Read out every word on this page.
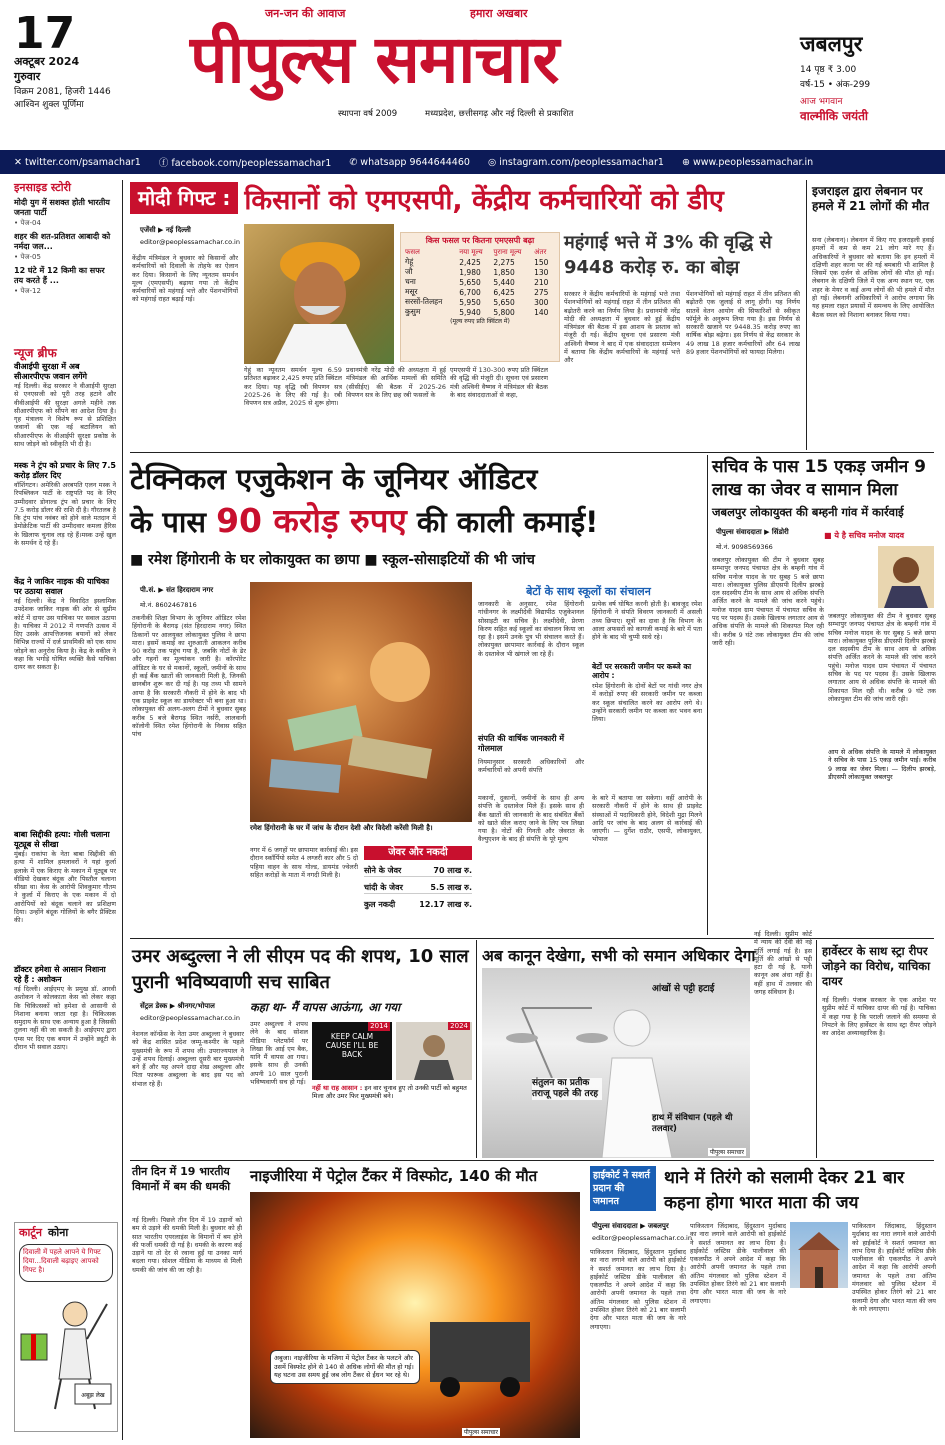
17
अक्टूबर 2024
गुरुवार
विक्रम 2081, हिजरी 1446
आश्विन शुक्ल पूर्णिमा
जन-जन की आवाज	हमारा अखबार
पीपुल्स समाचार
स्थापना वर्ष 2009	मध्यप्रदेश, छत्तीसगढ़ और नई दिल्ली से प्रकाशित
जबलपुर
14 पृष्ठ ₹ 3.00
वर्ष-15 • अंक-299
आज भगवान
वाल्मीकि जयंती
✕ twitter.com/psamachar1 ⓕ facebook.com/peoplessamachar1 ✆ whatsapp 9644644460 ◎ instagram.com/peoplessamachar1 ⊕ www.peoplessamachar.in
इनसाइड स्टोरी
मोदी युग में सशक्त होती भारतीय जनता पार्टी
• पेज-04
शहर की शत-प्रतिशत आबादी को नर्मदा जल...
• पेज-05
12 घंटे में 12 किमी का सफर तय करते हैं ...
• पेज-12
न्यूज ब्रीफ
वीआईपी सुरक्षा में अब सीआरपीएफ जवान लगेंगे
नई दिल्ली। केंद्र सरकार ने वीआईपी सुरक्षा से एनएसजी को पूरी तरह हटाने और वीवीआईपी की सुरक्षा अगले महीने तक सीआरपीएफ को सौंपने का आदेश दिया है। गृह मंत्रालय ने विशेष रूप से प्रशिक्षित जवानों की एक नई बटालियन को सीआरपीएफ के वीआईपी सुरक्षा प्रकोष्ठ के साथ जोड़ने को स्वीकृति भी दी है।
मस्क ने ट्रंप को प्रचार के लिए 7.5 करोड़ डॉलर दिए
वॉशिंगटन। अमेरिकी अरबपति एलन मस्क ने रिपब्लिकन पार्टी के राष्ट्रपति पद के लिए उम्मीदवार डोनाल्ड ट्रंप को प्रचार के लिए 7.5 करोड़ डॉलर की राशि दी है। गौरतलब है कि ट्रंप पांच नवंबर को होने वाले मतदान में डेमोक्रेटिक पार्टी की उम्मीदवार कमला हैरिस के खिलाफ चुनाव लड़ रहे हैं।मस्क उन्हें खुल के समर्थन दे रहे हैं।
केंद्र ने जाकिर नाइक की याचिका पर उठाया सवाल
नई दिल्ली। केंद्र ने विवादित इस्लामिक उपदेशक जाकिर नाइक की ओर से सुप्रीम कोर्ट में दायर उस याचिका पर सवाल उठाया है। याचिका में 2012 में गणपति उत्सव में दिए उसके आपत्तिजनक बयानों को लेकर विभिन्न राज्यों में दर्ज प्राथमिकी को एक साथ जोड़ने का अनुरोध किया है। केंद्र के वकील ने कहा कि भगोड़े घोषित व्यक्ति कैसे याचिका दायर कर सकता है।
बाबा सिद्दीकी हत्या: गोली चलाना यूट्यूब से सीखा
मुंबई। राकांपा के नेता बाबा सिद्दीकी की हत्या में शामिल हमलावरों ने यहां कुर्ला इलाके में एक किराए के मकान में यूट्यूब पर वीडियो देखकर बंदूक और पिस्तौल चलाना सीखा था। केस के आरोपी शिवकुमार गौतम ने कुर्ला में किराए के एक मकान में दो आरोपियों को बंदूक चलाने का प्रशिक्षण दिया। उन्होंने बंदूक गोलियों के बगैर प्रैक्टिस की।
डॉक्टर हमेशा से आसान निशाना रहे हैं : अशोकन
नई दिल्ली। आईएमए के प्रमुख डॉ. आरवी अशोकन ने कोलकाता केस को लेकर कहा कि चिकित्सकों को हमेशा से आसानी से निशाना बनाया जाता रहा है। चिकित्सक समुदाय के साथ एक अन्याय हुआ है जिसकी तुलना नहीं की जा सकती है। आईएमए द्वारा एम्स पर दिए एक बयान में उन्होंने ड्यूटी के दौरान भी सवाल उठाए।
कार्टून कोना
दिवाली में पहले आपने ये गिफ्ट दिया...दिवाली बढ़ाइए आपको गिफ्ट है।
अबूझ लेख
मोदी गिफ्ट : किसानों को एमएसपी, केंद्रीय कर्मचारियों को डीए
एजेंसी ▶ नई दिल्ली
editor@peoplessamachar.co.in
केंद्रीय मंत्रिमंडल ने बुधवार को किसानों और कर्मचारियों को दिवाली के तोहफे का ऐलान कर दिया। किसानों के लिए न्यूनतम समर्थन मूल्य (एमएसपी) बढ़ाया गया तो केंद्रीय कर्मचारियों को महंगाई भत्ते और पेंशनभोगियों को महंगाई राहत बढ़ाई गई।
गेहूं का न्यूनतम समर्थन मूल्य 6.59 प्रतिशत बढ़ाकर 2,425 रुपए प्रति क्विंटल कर दिया। यह वृद्धि रबी विपणन सत्र 2025-26 के लिए की गई है। रबी विपणन सत्र अप्रैल, 2025 से शुरू होगा।
प्रधानमंत्री नरेंद्र मोदी की अध्यक्षता में हुई मंत्रिमंडल की आर्थिक मामलों की समिति (सीसीईए) की बैठक में 2025-26 विपणन सत्र के लिए छह रबी फसलों के
एमएसपी में 130-300 रुपए प्रति क्विंटल की वृद्धि की मंजूरी दी। सूचना एवं प्रसारण मंत्री अश्विनी वैष्णव ने मंत्रिमंडल की बैठक के बाद संवाददाताओं से कहा,
किस फसल पर कितना एमएसपी बढ़ा
फसल	नया मूल्य	पुराना मूल्य	अंतर
गेहूं	2,425	2,275	150
जौ	1,980	1,850	130
चना	5,650	5,440	210
मसूर	6,700	6,425	275
सरसों-तिलहन	5,950	5,650	300
कुसुम	5,940	5,800	140
(मूल्य रुपए प्रति क्विंटल में)
महंगाई भत्ते में 3% की वृद्धि से 9448 करोड़ रु. का बोझ
सरकार ने केंद्रीय कर्मचारियों के महंगाई भत्ते तथा पेंशनभोगियों को महंगाई राहत में तीन प्रतिशत की बढ़ोतरी करने का निर्णय लिया है। प्रधानमंत्री नरेंद्र मोदी की अध्यक्षता में बुधवार को हुई केंद्रीय मंत्रिमंडल की बैठक में इस आशय के प्रस्ताव को मंजूरी दी गई। केंद्रीय सूचना एवं प्रसारण मंत्री अश्विनी वैष्णव ने बाद में एक संवाददाता सम्मेलन में बताया कि केंद्रीय कर्मचारियों के महंगाई भत्ते और
पेंशनभोगियों को महंगाई राहत में तीन प्रतिशत की बढ़ोतरी एक जुलाई से लागू होगी। यह निर्णय सातवें वेतन आयोग की सिफारिशों से स्वीकृत फॉर्मूले के अनुरूप लिया गया है। इस निर्णय से सरकारी खजाने पर 9448.35 करोड़ रुपए का वार्षिक बोझ बढ़ेगा। इस निर्णय से केंद्र सरकार के 49 लाख 18 हजार कर्मचारियों और 64 लाख 89 हजार पेंशनभोगियों को फायदा मिलेगा।
इजराइल द्वारा लेबनान पर हमले में 21 लोगों की मौत
सना (लेबनान)। लेबनान में किए गए इजराइली हवाई हमलों में कम से कम 21 लोग मारे गए हैं। अधिकारियों ने बुधवार को बताया कि इन हमलों में दक्षिणी शहर काना पर की गई बमबारी भी शामिल है जिसमें एक दर्जन से अधिक लोगों की मौत हो गई। लेबनान के दक्षिणी जिले में एक अन्य स्थान पर, एक शहर के मेयर व कई अन्य लोगों की भी हमले में मौत हो गई। लेबनानी अधिकारियों ने आरोप लगाया कि यह हमला राहत प्रयासों में समन्वय के लिए आयोजित बैठक स्थल को निशाना बनाकर किया गया।
टेक्निकल एजुकेशन के जूनियर ऑडिटर
के पास 90 करोड़ रुपए की काली कमाई!
■ रमेश हिंगोरानी के घर लोकायुक्त का छापा ■ स्कूल-सोसाइटियों की भी जांच
पी.सं. ▶ संत हिरदाराम नगर
मो.नं. 8602467816
तकनीकी शिक्षा विभाग के जूनियर ऑडिटर रमेश हिंगोरानी के बैरागढ़ (संत हिरदाराम नगर) स्थित ठिकानों पर आलयुक्त लोकायुक्त पुलिस ने छापा मारा। इसमें कमाई का शुरुआती आकलन करीब 90 करोड़ तक पहुंच गया है, जबकि नोटों के ढेर और गहनों का मूल्यांकन जारी है। कॉरपोरेट ऑडिटर के घर से मकानों, स्कूलों, जमीनों के साथ ही कई बैंक खातों की जानकारी मिली है, जिनकी छानबीन शुरू कर दी गई है। यह तथ्य भी सामने आया है कि सरकारी नौकरी में होने के बाद भी एक प्राइवेट स्कूल का डायरेक्टर भी बना हुआ था। लोकायुक्त की अलग-अलग टीमों ने बुधवार सुबह करीब 5 बजे बैरागढ़ स्थित नर्सरी, लालवानी कॉलोनी स्थित रमेश हिंगोरानी के निवास सहित पांच
रमेश हिंगोरानी के घर में जांच के दौरान देशी और विदेशी करेंसी मिली है।
नगर में 6 जगहों पर छापामार कार्रवाई की। इस दौरान स्कॉर्पियो समेत 4 लग्जरी कार और 5 दो पहिया वाहन के साथ गोल्ड, डायमंड ज्वेलरी सहित करोड़ों के माता में नगदी मिली है।
जेवर और नकदी
सोने के जेवर	70 लाख रु.
चांदी के जेवर	5.5 लाख रु.
कुल नकदी	12.17 लाख रु.
बेटों के साथ स्कूलों का संचालन
जानकारी के अनुसार, रमेश हिंगोरानी गांधीनगर के लक्ष्मीदेवी विद्यापीठ एजुकेशनल सोसाइटी का सचिव है। लक्ष्मीदेवी, प्रेरणा किरण सहित कई स्कूलों का संचालन किया जा रहा है। इसमें उनके पुत्र भी संचालन करते हैं। लोकायुक्त छापामार कार्रवाई के दौरान स्कूल के दस्तावेज भी खंगाले जा रहे हैं।
संपति की वार्षिक जानकारी में गोलमाल
नियमानुसार सरकारी अधिकारियों और कर्मचारियों को अपनी संपत्ति
प्रत्येक वर्ष घोषित करनी होती है। बावजूद रमेश हिंगोरानी ने संपति विवरण जानकारी में असली तथ्य छिपाए। सूत्रों का दावा है कि विभाग के आला अफसरों को कागजी कमाई के बारे में पता होने के बाद भी चुप्पी साधे रहे।
बेटों पर सरकारी जमीन पर कब्जे का आरोप :
रमेश हिंगोरानी के दोनों बेटों पर गांधी नगर क्षेत्र में करोड़ों रुपए की सरकारी जमीन पर कब्जा कर स्कूल संचालित करने का आरोप लगे थे। उन्होंने सरकारी जमीन पर कब्जा कर भवन बना लिया।
मकानों, दुकानों, जमीनों के साथ ही अन्य संपत्ति के दस्तावेज मिले हैं। इसके साथ ही बैंक खातों की जानकारी के बाद संबंधित बैंकों को खाते सील कराए जाने के लिए पत्र लिखा गया है। नोटों की गिनती और जेवरात के वैल्युएशन के बाद ही संपत्ति के पूरे मूल्य
के बारे में बताया जा सकेगा। वहीं आरोपी के सरकारी नौकरी में होने के साथ ही प्राइवेट संस्थाओं में पदाधिकारी होने, विदेशी मुद्रा मिलने आदि पर जांच के बाद अलग से कार्रवाई की जाएगी। — दुर्गेश राठौर, एसपी, लोकायुक्त, भोपाल
सचिव के पास 15 एकड़ जमीन 9 लाख का जेवर व सामान मिला
जबलपुर लोकायुक्त की बम्हनी गांव में कार्रवाई
पीपुल्स संवाददाता ▶ सिंडोरी
मो.नं. 9098569366
■ ये है सचिव मनोज यादव
जबलपुर लोकायुक्त की टीम ने बुधवार सुबह सम्भापुर जनपद पंचायत क्षेत्र के बम्हनी गांव में सचिव मनोज यादव के घर सुबह 5 बजे छापा मारा। लोकायुक्त पुलिस डीएसपी दिलीप झरबड़े दल सदस्यीय टीम के साथ आय से अधिक संपत्ति अर्जित करने के मामले की जांच करने पहुंचे। मनोज यादव ग्राम पंचायत में पंचायत सचिव के पद पर पदस्थ हैं। उसके खिलाफ लगातार आय से अधिक संपत्ति के मामले की शिकायत मिल रही थी। करीब 9 घंटे तक लोकायुक्त टीम की जांच जारी रही।
जबलपुर लोकायुक्त की टीम ने बुधवार सुबह सम्भापुर जनपद पंचायत क्षेत्र के बम्हनी गांव में सचिव मनोज यादव के घर सुबह 5 बजे छापा मारा। लोकायुक्त पुलिस डीएसपी दिलीप झरबड़े दल सदस्यीय टीम के साथ आय से अधिक संपत्ति अर्जित करने के मामले की जांच करने पहुंचे। मनोज यादव ग्राम पंचायत में पंचायत सचिव के पद पर पदस्थ हैं। उसके खिलाफ लगातार आय से अधिक संपत्ति के मामले की शिकायत मिल रही थी। करीब 9 घंटे तक लोकायुक्त टीम की जांच जारी रही।
आय से अधिक संपत्ति के मामले में लोकायुक्त ने सचिव के पास 15 एकड़ जमीन पाई। करीब 9 लाख का जेवर मिला। — दिलीप झरबड़े, डीएसपी लोकायुक्त जबलपुर
उमर अब्दुल्ला ने ली सीएम पद की शपथ, 10 साल पुरानी भविष्यवाणी सच साबित
सेंट्रल डेस्क ▶ श्रीनगर/भोपाल
editor@peoplessamachar.co.in
कहा था- मैं वापस आऊंगा, आ गया
नेशनल कॉन्फ्रेंस के नेता उमर अब्दुल्ला ने बुधवार को केंद्र शासित प्रदेश जम्मू-कश्मीर के पहले मुख्यमंत्री के रूप में शपथ ली। उपराज्यपाल ने उन्हें शपथ दिलाई। अब्दुल्ला दूसरी बार मुख्यमंत्री बने हैं और यह अपने दादा शेख अब्दुल्ला और पिता फारूक अब्दुल्ला के बाद इस पद को संभाल रहे हैं।
उमर अब्दुल्ला ने शपथ लेने के बाद सोशल मीडिया प्लेटफॉर्म पर लिखा कि आई एम बैक, यानि मैं वापस आ गया। इसके साथ ही उनकी अपनी 10 साल पुरानी भविष्यवाणी सच हो गई।
2014
KEEP CALM CAUSE I'LL BE BACK
2024
नहीं था राह आसान : इन वार चुनाव हुए तो उनकी पार्टी को बहुमत मिला और उमर फिर मुख्यमंत्री बने।
अब कानून देखेगा, सभी को समान अधिकार देगा
आंखों से पट्टी हटाई
संतुलन का प्रतीक तराजू पहले की तरह
हाथ में संविधान (पहले थी तलवार)
पीपुल्स समाचार
नई दिल्ली। सुप्रीम कोर्ट में न्याय की देवी की नई मूर्ति लगाई गई है। इस मूर्ति की आंखों से पट्टी हटा दी गई है, यानी कानून अब अंधा नहीं है। वहीं हाथ में तलवार की जगह संविधान है।
हार्वेस्टर के साथ स्ट्रा रीपर जोड़ने का विरोध, याचिका दायर
नई दिल्ली। पंजाब सरकार के एक आदेश पर सुप्रीम कोर्ट में याचिका दायर की गई है। याचिका में कहा गया है कि पराली जलाने की समस्या से निपटने के लिए हार्वेस्टर के साथ स्ट्रा रीपर जोड़ने का आदेश अव्यावहारिक है।
तीन दिन में 19 भारतीय विमानों में बम की धमकी
नई दिल्ली। पिछले तीन दिन में 19 उड़ानों को बम से उड़ाने की धमकी मिली है। बुधवार को ही सात भारतीय एयरलाइंस के विमानों में बम होने की फर्जी धमकी दी गई है। धमकी के कारण कई उड़ानें या तो देर से रवाना हुईं या उनका मार्ग बदला गया। सोशल मीडिया के माध्यम से मिली धमकी की जांच की जा रही है।
नाइजीरिया में पेट्रोल टैंकर में विस्फोट, 140 की मौत
अबुजा। नाइजीरिया के मजिगा में पेट्रोल टैंकर के पलटने और उसमें विस्फोट होने से 140 से अधिक लोगों की मौत हो गई। यह घटना उस समय हुई जब लोग टैंकर से ईंधन भर रहे थे।
पीपुल्स समाचार
हाईकोर्ट ने सशर्त प्रदान की जमानत
थाने में तिरंगे को सलामी देकर 21 बार कहना होगा भारत माता की जय
पीपुल्स संवाददाता ▶ जबलपुर
editor@peoplessamachar.co.in
पाकिस्तान जिंदाबाद, हिंदुस्तान मुर्दाबाद का नारा लगाने वाले आरोपी को हाईकोर्ट ने सशर्त जमानत का लाभ दिया है। हाईकोर्ट जस्टिस डीके पालीवाल की एकलपीठ ने अपने आदेश में कहा कि आरोपी अपनी जमानत के पहले तथा अंतिम मंगलवार को पुलिस स्टेशन में उपस्थित होकर तिरंगे को 21 बार सलामी देगा और भारत माता की जय के नारे लगाएगा।
पाकिस्तान जिंदाबाद, हिंदुस्तान मुर्दाबाद का नारा लगाने वाले आरोपी को हाईकोर्ट ने सशर्त जमानत का लाभ दिया है। हाईकोर्ट जस्टिस डीके पालीवाल की एकलपीठ ने अपने आदेश में कहा कि आरोपी अपनी जमानत के पहले तथा अंतिम मंगलवार को पुलिस स्टेशन में उपस्थित होकर तिरंगे को 21 बार सलामी देगा और भारत माता की जय के नारे लगाएगा।
पाकिस्तान जिंदाबाद, हिंदुस्तान मुर्दाबाद का नारा लगाने वाले आरोपी को हाईकोर्ट ने सशर्त जमानत का लाभ दिया है। हाईकोर्ट जस्टिस डीके पालीवाल की एकलपीठ ने अपने आदेश में कहा कि आरोपी अपनी जमानत के पहले तथा अंतिम मंगलवार को पुलिस स्टेशन में उपस्थित होकर तिरंगे को 21 बार सलामी देगा और भारत माता की जय के नारे लगाएगा।
